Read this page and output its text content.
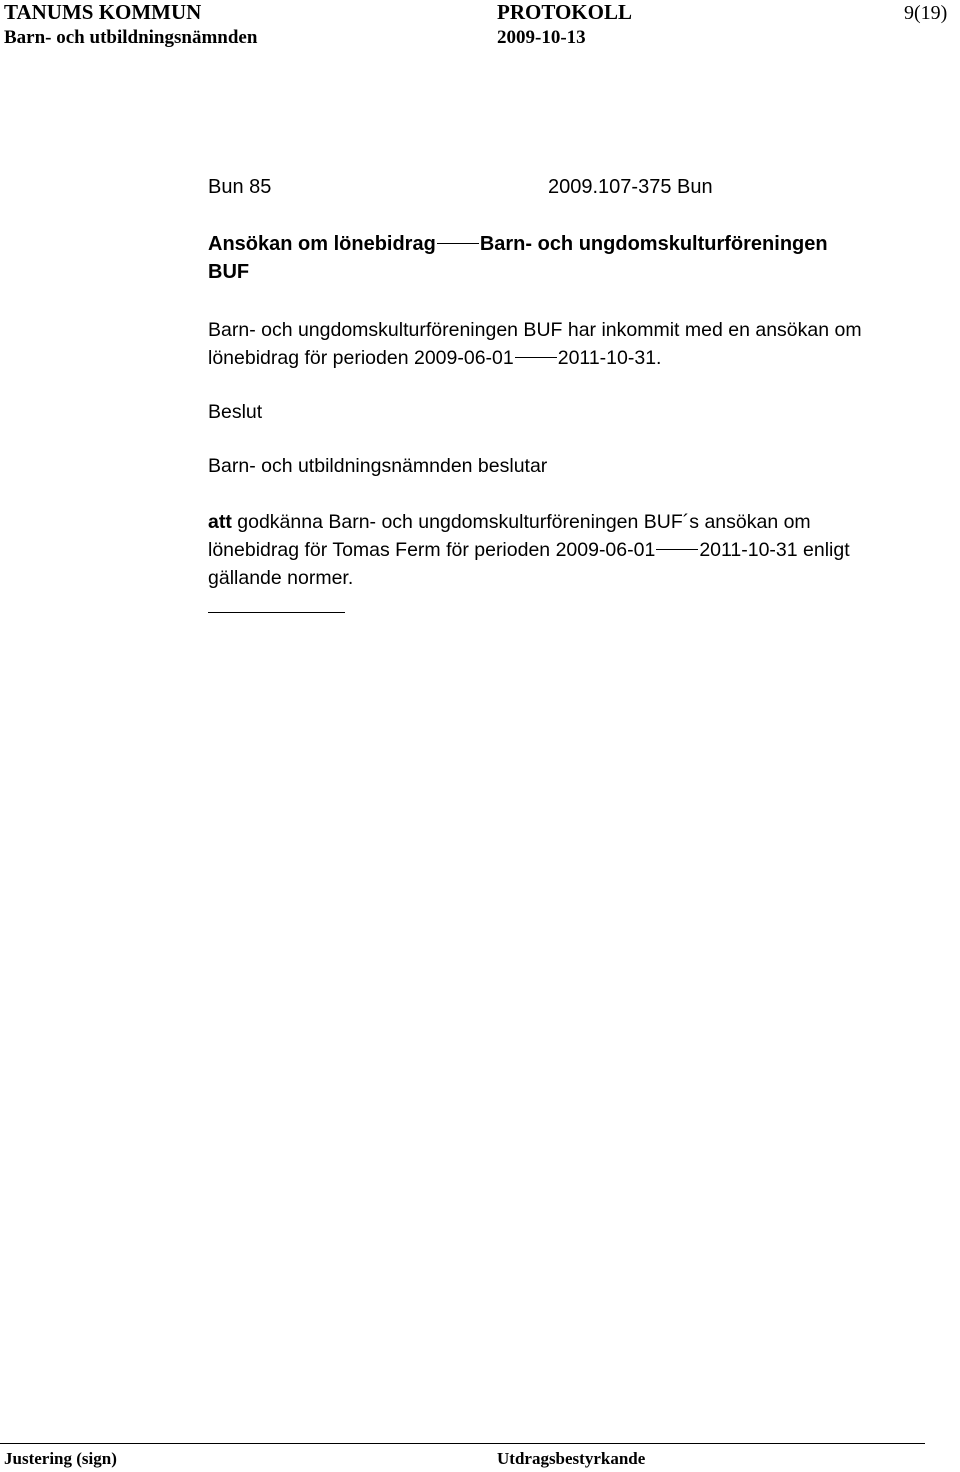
TANUMS KOMMUN	PROTOKOLL	9(19)
Barn- och utbildningsnämnden	2009-10-13
Bun 85	2009.107-375 Bun
Ansökan om lönebidrag Barn- och ungdomskulturföreningen
BUF
Barn- och ungdomskulturföreningen BUF har inkommit med en ansökan om
lönebidrag för perioden 2009-06-01 2011-10-31.
Beslut
Barn- och utbildningsnämnden beslutar
att godkänna Barn- och ungdomskulturföreningen BUF´s ansökan om
lönebidrag för Tomas Ferm för perioden 2009-06-01 2011-10-31 enligt
gällande normer.
Justering (sign)	Utdragsbestyrkande
